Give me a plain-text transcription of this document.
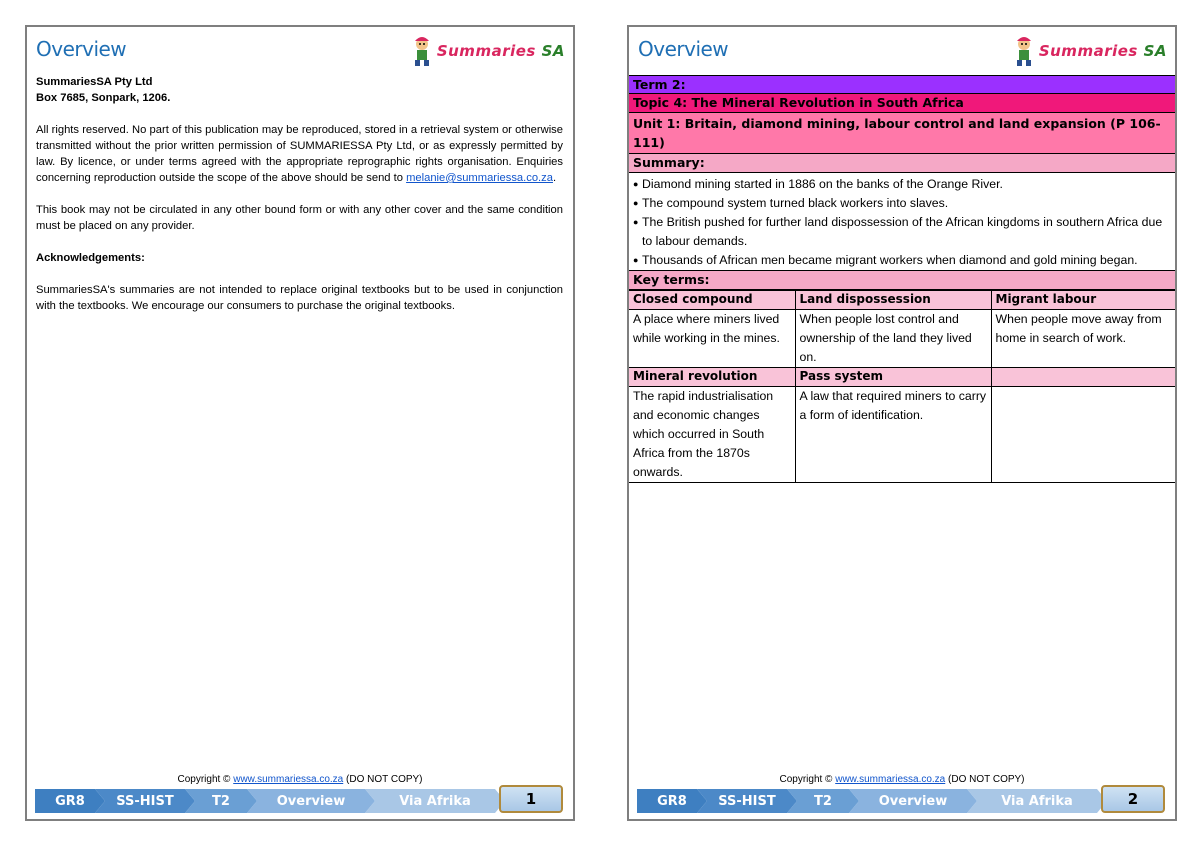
Overview	Summaries SA
SummariesSA Pty Ltd
Box 7685, Sonpark, 1206.

All rights reserved. No part of this publication may be reproduced, stored in a retrieval system or otherwise transmitted without the prior written permission of SUMMARIESSA Pty Ltd, or as expressly permitted by law. By licence, or under terms agreed with the appropriate reprographic rights organisation. Enquiries concerning reproduction outside the scope of the above should be send to melanie@summariessa.co.za.

This book may not be circulated in any other bound form or with any other cover and the same condition must be placed on any provider.

Acknowledgements:

SummariesSA's summaries are not intended to replace original textbooks but to be used in conjunction with the textbooks. We encourage our consumers to purchase the original textbooks.

Copyright © www.summariessa.co.za (DO NOT COPY)
GR8 SS-HIST	T2	Overview	Via Afrika	1
Overview	Summaries SA
Term 2:
Topic 4: The Mineral Revolution in South Africa
Unit 1: Britain, diamond mining, labour control and land expansion (P 106-111)
Summary:
● Diamond mining started in 1886 on the banks of the Orange River.
● The compound system turned black workers into slaves.
● The British pushed for further land dispossession of the African kingdoms in southern Africa due to labour demands.
● Thousands of African men became migrant workers when diamond and gold mining began.
Key terms:
Closed compound	Land dispossession	Migrant labour
A place where miners lived while working in the mines.	When people lost control and ownership of the land they lived on.	When people move away from home in search of work.
Mineral revolution	Pass system	
The rapid industrialisation and economic changes which occurred in South Africa from the 1870s onwards.	A law that required miners to carry a form of identification.	
Copyright © www.summariessa.co.za (DO NOT COPY)
GR8 SS-HIST	T2	Overview	Via Afrika	2
